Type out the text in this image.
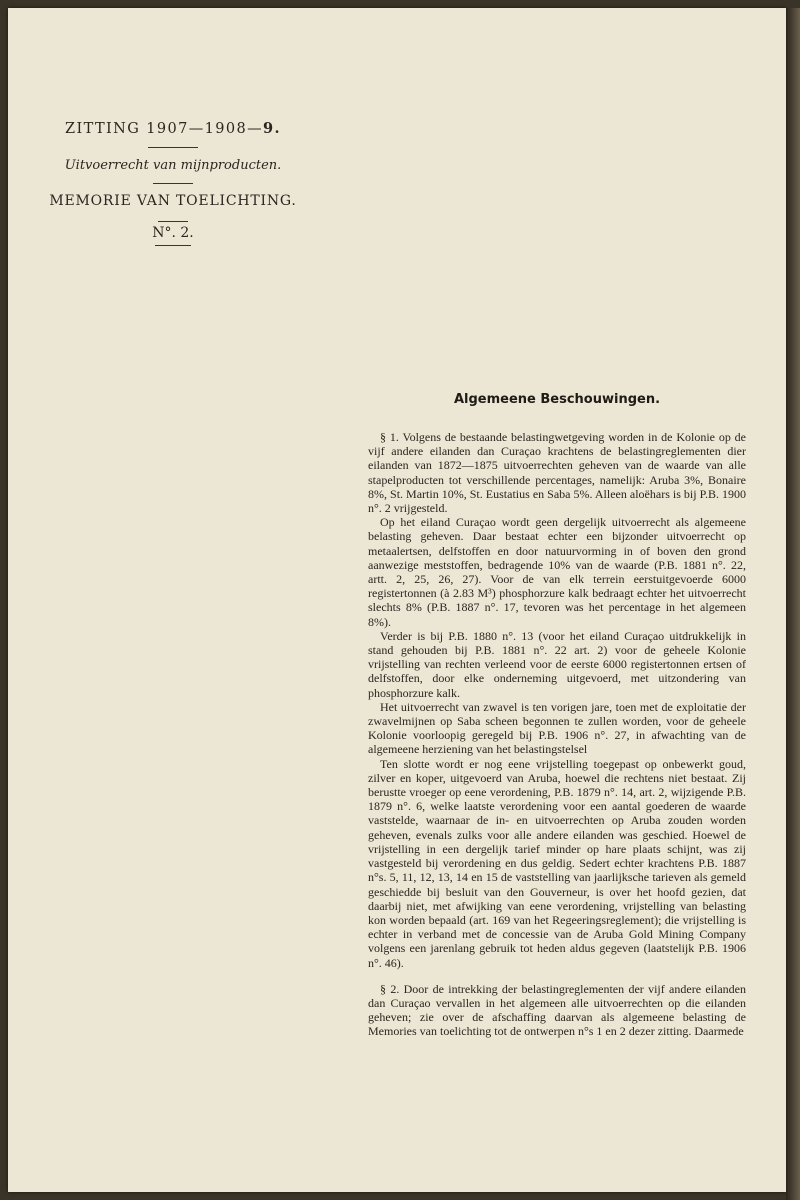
ZITTING 1907—1908—9.
Uitvoerrecht van mijnproducten.
MEMORIE VAN TOELICHTING.
N°. 2.
Algemeene Beschouwingen.

§ 1. Volgens de bestaande belastingwetgeving worden in de Kolonie op de vijf andere eilanden dan Curaçao krachtens de belastingreglementen dier eilanden van 1872—1875 uitvoerrechten geheven van de waarde van alle stapelproducten tot verschillende percentages, namelijk: Aruba 3%, Bonaire 8%, St. Martin 10%, St. Eustatius en Saba 5%. Alleen aloëhars is bij P.B. 1900 n°. 2 vrijgesteld.

Op het eiland Curaçao wordt geen dergelijk uitvoerrecht als algemeene belasting geheven. Daar bestaat echter een bijzonder uitvoerrecht op metaalertsen, delfstoffen en door natuurvorming in of boven den grond aanwezige meststoffen, bedragende 10% van de waarde (P.B. 1881 n°. 22, artt. 2, 25, 26, 27). Voor de van elk terrein eerstuitgevoerde 6000 registertonnen (à 2.83 M³) phosphorzure kalk bedraagt echter het uitvoerrecht slechts 8% (P.B. 1887 n°. 17, tevoren was het percentage in het algemeen 8%).

Verder is bij P.B. 1880 n°. 13 (voor het eiland Curaçao uitdrukkelijk in stand gehouden bij P.B. 1881 n°. 22 art. 2) voor de geheele Kolonie vrijstelling van rechten verleend voor de eerste 6000 registertonnen ertsen of delfstoffen, door elke onderneming uitgevoerd, met uitzondering van phosphorzure kalk.

Het uitvoerrecht van zwavel is ten vorigen jare, toen met de exploitatie der zwavelmijnen op Saba scheen begonnen te zullen worden, voor de geheele Kolonie voorloopig geregeld bij P.B. 1906 n°. 27, in afwachting van de algemeene herziening van het belastingstelsel

Ten slotte wordt er nog eene vrijstelling toegepast op onbewerkt goud, zilver en koper, uitgevoerd van Aruba, hoewel die rechtens niet bestaat. Zij berustte vroeger op eene verordening, P.B. 1879 n°. 14, art. 2, wijzigende P.B. 1879 n°. 6, welke laatste verordening voor een aantal goederen de waarde vaststelde, waarnaar de in- en uitvoerrechten op Aruba zouden worden geheven, evenals zulks voor alle andere eilanden was geschied. Hoewel de vrijstelling in een dergelijk tarief minder op hare plaats schijnt, was zij vastgesteld bij verordening en dus geldig. Sedert echter krachtens P.B. 1887 n°s. 5, 11, 12, 13, 14 en 15 de vaststelling van jaarlijksche tarieven als gemeld geschiedde bij besluit van den Gouverneur, is over het hoofd gezien, dat daarbij niet, met afwijking van eene verordening, vrijstelling van belasting kon worden bepaald (art. 169 van het Regeeringsreglement); die vrijstelling is echter in verband met de concessie van de Aruba Gold Mining Company volgens een jarenlang gebruik tot heden aldus gegeven (laatstelijk P.B. 1906 n°. 46).

§ 2. Door de intrekking der belastingreglementen der vijf andere eilanden dan Curaçao vervallen in het algemeen alle uitvoerrechten op die eilanden geheven; zie over de afschaffing daarvan als algemeene belasting de Memories van toelichting tot de ontwerpen n°s 1 en 2 dezer zitting. Daarmede
